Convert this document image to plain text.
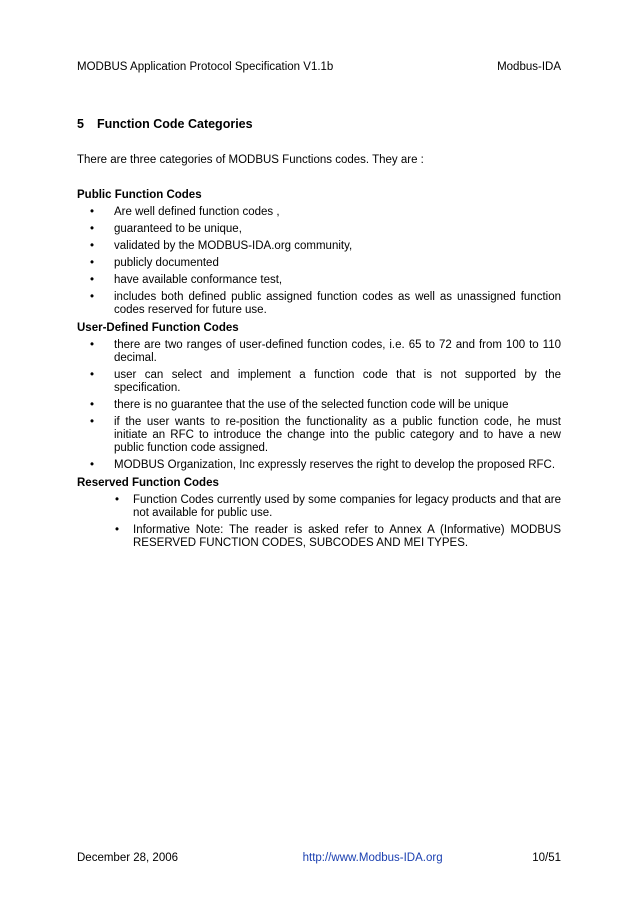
MODBUS Application Protocol Specification V1.1b	Modbus-IDA
5 Function Code Categories
There are three categories of MODBUS Functions codes. They are :
Public Function Codes
• Are well defined function codes ,
• guaranteed to be unique,
• validated by the MODBUS-IDA.org community,
• publicly documented
• have available conformance test,
• includes both defined public assigned function codes as well as unassigned function codes reserved for future use.
User-Defined Function Codes
• there are two ranges of user-defined function codes, i.e. 65 to 72 and from 100 to 110 decimal.
• user can select and implement a function code that is not supported by the specification.
• there is no guarantee that the use of the selected function code will be unique
• if the user wants to re-position the functionality as a public function code, he must initiate an RFC to introduce the change into the public category and to have a new public function code assigned.
• MODBUS Organization, Inc expressly reserves the right to develop the proposed RFC.
Reserved Function Codes
• Function Codes currently used by some companies for legacy products and that are not available for public use.
• Informative Note: The reader is asked refer to Annex A (Informative) MODBUS RESERVED FUNCTION CODES, SUBCODES AND MEI TYPES.
December 28, 2006	http://www.Modbus-IDA.org	10/51
